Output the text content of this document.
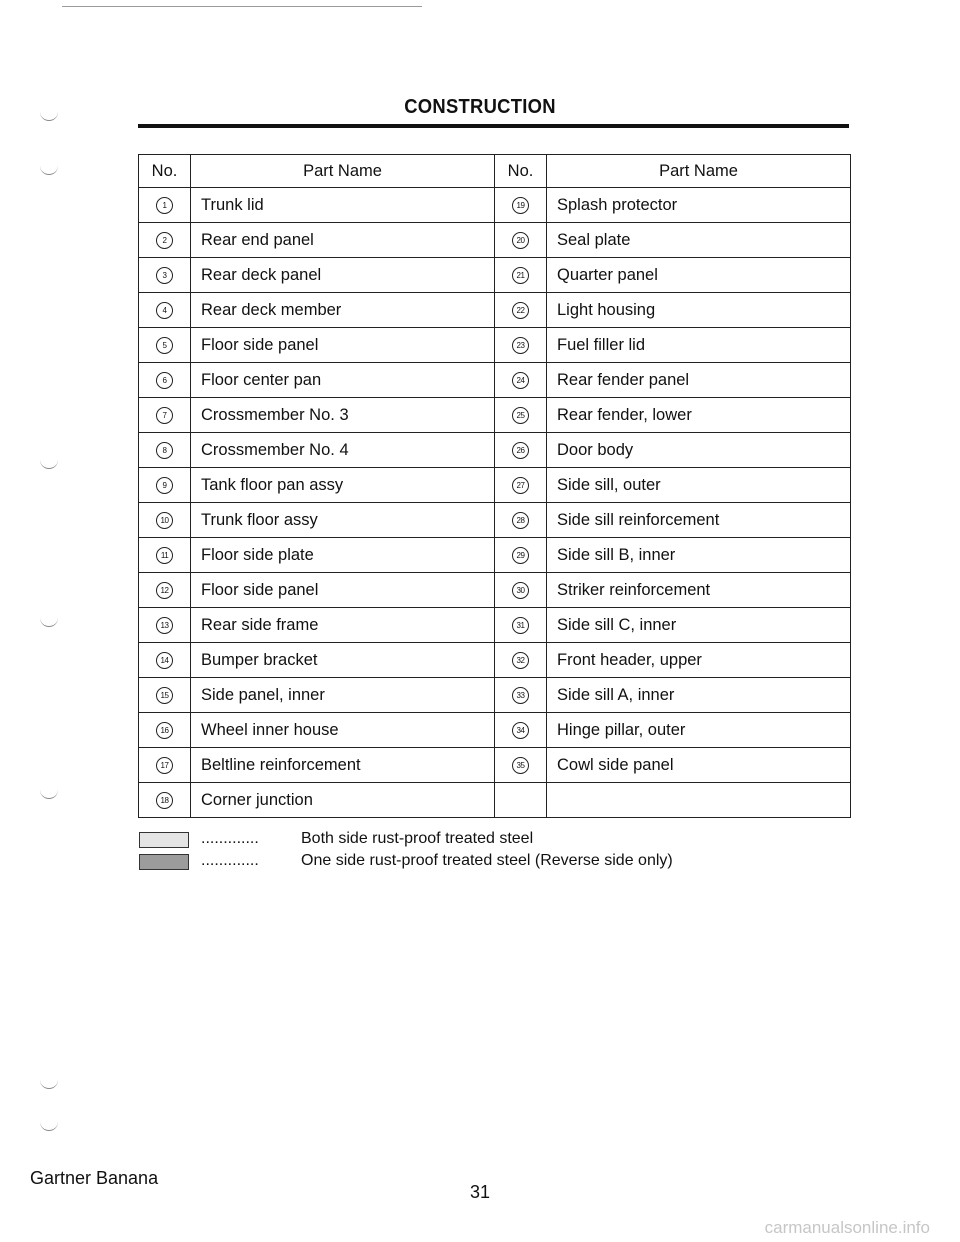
CONSTRUCTION
No.	Part Name	No.	Part Name
1	Trunk lid	19	Splash protector
2	Rear end panel	20	Seal plate
3	Rear deck panel	21	Quarter panel
4	Rear deck member	22	Light housing
5	Floor side panel	23	Fuel filler lid
6	Floor center pan	24	Rear fender panel
7	Crossmember No. 3	25	Rear fender, lower
8	Crossmember No. 4	26	Door body
9	Tank floor pan assy	27	Side sill, outer
10	Trunk floor assy	28	Side sill reinforcement
11	Floor side plate	29	Side sill B, inner
12	Floor side panel	30	Striker reinforcement
13	Rear side frame	31	Side sill C, inner
14	Bumper bracket	32	Front header, upper
15	Side panel, inner	33	Side sill A, inner
16	Wheel inner house	34	Hinge pillar, outer
17	Beltline reinforcement	35	Cowl side panel
18	Corner junction		
.............	Both side rust-proof treated steel
.............	One side rust-proof treated steel (Reverse side only)
Gartner Banana
31
carmanualsonline.info
